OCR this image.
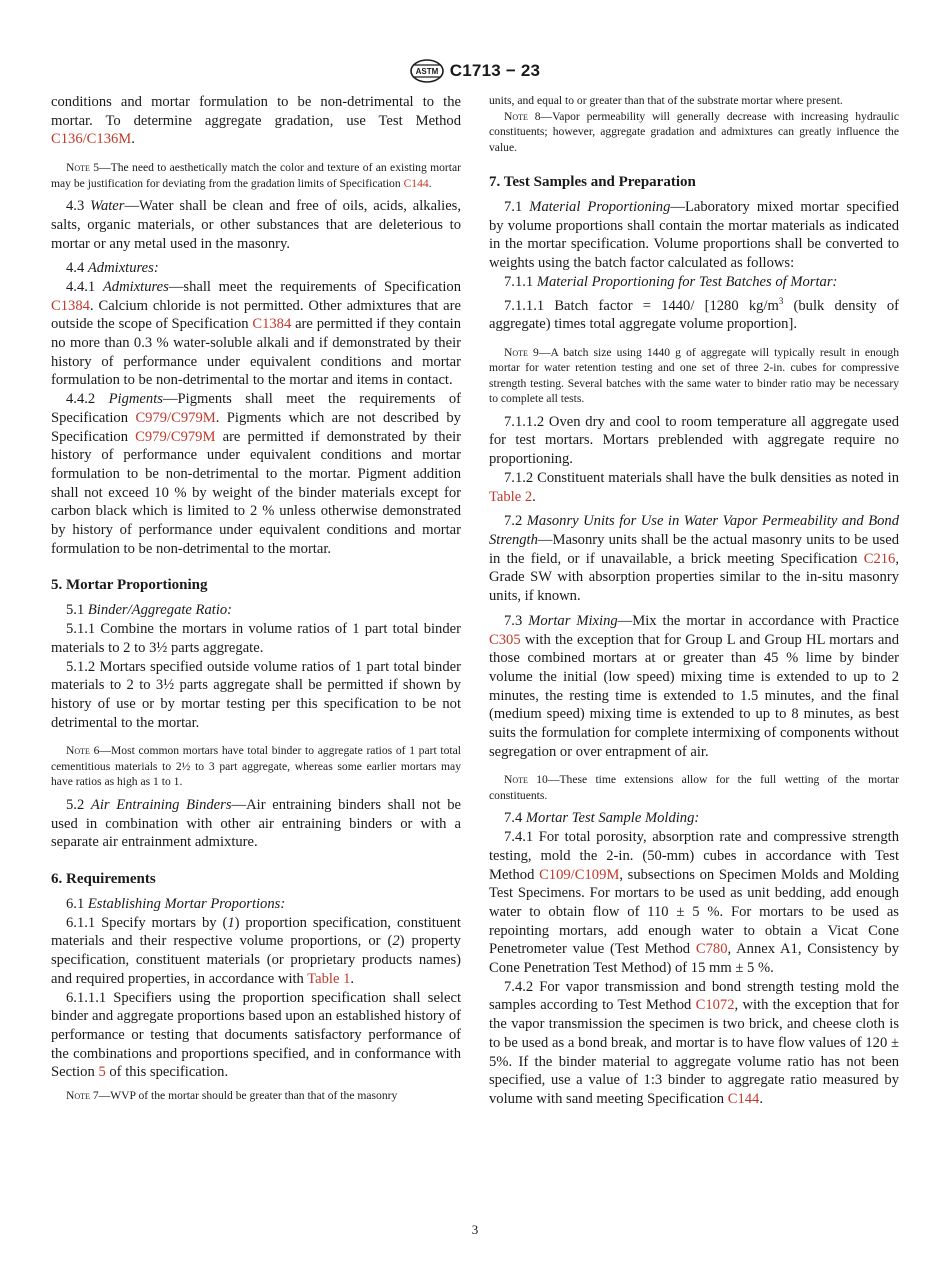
ASTM C1713 − 23

conditions and mortar formulation to be non-detrimental to the mortar. To determine aggregate gradation, use Test Method C136/C136M.

Note 5—The need to aesthetically match the color and texture of an existing mortar may be justification for deviating from the gradation limits of Specification C144.

4.3 Water—Water shall be clean and free of oils, acids, alkalies, salts, organic materials, or other substances that are deleterious to mortar or any metal used in the masonry.

4.4 Admixtures:

4.4.1 Admixtures—shall meet the requirements of Specification C1384. Calcium chloride is not permitted. Other admixtures that are outside the scope of Specification C1384 are permitted if they contain no more than 0.3 % water-soluble alkali and if demonstrated by their history of performance under equivalent conditions and mortar formulation to be non-detrimental to the mortar and items in contact.

4.4.2 Pigments—Pigments shall meet the requirements of Specification C979/C979M. Pigments which are not described by Specification C979/C979M are permitted if demonstrated by their history of performance under equivalent conditions and mortar formulation to be non-detrimental to the mortar. Pigment addition shall not exceed 10 % by weight of the binder materials except for carbon black which is limited to 2 % unless otherwise demonstrated by history of performance under equivalent conditions and mortar formulation to be non-detrimental to the mortar.

5. Mortar Proportioning

5.1 Binder/Aggregate Ratio:

5.1.1 Combine the mortars in volume ratios of 1 part total binder materials to 2 to 3½ parts aggregate.

5.1.2 Mortars specified outside volume ratios of 1 part total binder materials to 2 to 3½ parts aggregate shall be permitted if shown by history of use or by mortar testing per this specification to be not detrimental to the mortar.

Note 6—Most common mortars have total binder to aggregate ratios of 1 part total cementitious materials to 2½ to 3 part aggregate, whereas some earlier mortars may have ratios as high as 1 to 1.

5.2 Air Entraining Binders—Air entraining binders shall not be used in combination with other air entraining binders or with a separate air entrainment admixture.

6. Requirements

6.1 Establishing Mortar Proportions:

6.1.1 Specify mortars by (1) proportion specification, constituent materials and their respective volume proportions, or (2) property specification, constituent materials (or proprietary products names) and required properties, in accordance with Table 1.

6.1.1.1 Specifiers using the proportion specification shall select binder and aggregate proportions based upon an established history of performance or testing that documents satisfactory performance of the combinations and proportions specified, and in conformance with Section 5 of this specification.

Note 7—WVP of the mortar should be greater than that of the masonry

units, and equal to or greater than that of the substrate mortar where present.

Note 8—Vapor permeability will generally decrease with increasing hydraulic constituents; however, aggregate gradation and admixtures can greatly influence the value.

7. Test Samples and Preparation

7.1 Material Proportioning—Laboratory mixed mortar specified by volume proportions shall contain the mortar materials as indicated in the mortar specification. Volume proportions shall be converted to weights using the batch factor calculated as follows:

7.1.1 Material Proportioning for Test Batches of Mortar:

7.1.1.1 Batch factor = 1440/ [1280 $kg/m^3$ (bulk density of aggregate) times total aggregate volume proportion].

Note 9—A batch size using 1440 g of aggregate will typically result in enough mortar for water retention testing and one set of three 2-in. cubes for compressive strength testing. Several batches with the same water to binder ratio may be necessary to complete all tests.

7.1.1.2 Oven dry and cool to room temperature all aggregate used for test mortars. Mortars preblended with aggregate require no proportioning.

7.1.2 Constituent materials shall have the bulk densities as noted in Table 2.

7.2 Masonry Units for Use in Water Vapor Permeability and Bond Strength—Masonry units shall be the actual masonry units to be used in the field, or if unavailable, a brick meeting Specification C216, Grade SW with absorption properties similar to the in-situ masonry units, if known.

7.3 Mortar Mixing—Mix the mortar in accordance with Practice C305 with the exception that for Group L and Group HL mortars and those combined mortars at or greater than 45 % lime by binder volume the initial (low speed) mixing time is extended to up to 2 minutes, the resting time is extended to 1.5 minutes, and the final (medium speed) mixing time is extended to up to 8 minutes, as best suits the formulation for complete intermixing of components without segregation or over entrapment of air.

Note 10—These time extensions allow for the full wetting of the mortar constituents.

7.4 Mortar Test Sample Molding:

7.4.1 For total porosity, absorption rate and compressive strength testing, mold the 2-in. (50-mm) cubes in accordance with Test Method C109/C109M, subsections on Specimen Molds and Molding Test Specimens. For mortars to be used as unit bedding, add enough water to obtain flow of 110 ± 5 %. For mortars to be used as repointing mortars, add enough water to obtain a Vicat Cone Penetrometer value (Test Method C780, Annex A1, Consistency by Cone Penetration Test Method) of 15 mm ± 5 %.

7.4.2 For vapor transmission and bond strength testing mold the samples according to Test Method C1072, with the exception that for the vapor transmission the specimen is two brick, and cheese cloth is to be used as a bond break, and mortar is to have flow values of 120 ± 5%. If the binder material to aggregate volume ratio has not been specified, use a value of 1:3 binder to aggregate ratio measured by volume with sand meeting Specification C144.

3
